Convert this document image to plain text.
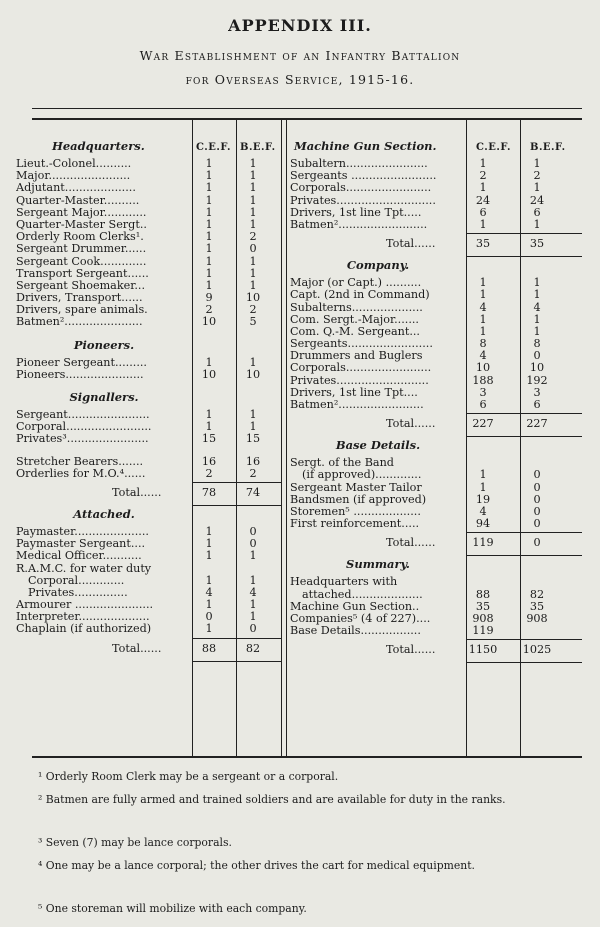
APPENDIX III.
War Establishment of an Infantry Battalion
for Overseas Service, 1915-16.
C.E.F. B.E.F.	C.E.F. B.E.F.
Headquarters.
Lieut.-Colonel..........	1	1
Major.......................	1	1
Adjutant....................	1	1
Quarter-Master..........	1	1
Sergeant Major............	1	1
Quarter-Master Sergt..	1	1
Orderly Room Clerks¹.	1	2
Sergeant Drummer......	1	0
Sergeant Cook.............	1	1
Transport Sergeant......	1	1
Sergeant Shoemaker...	1	1
Drivers, Transport......	9	10
Drivers, spare animals.	2	2
Batmen²......................	10	5
Pioneers.
Pioneer Sergeant.........	1	1
Pioneers......................	10	10
Signallers.
Sergeant.......................	1	1
Corporal........................	1	1
Privates³.......................	15	15
Stretcher Bearers.......	16	16
Orderlies for M.O.⁴......	2	2
Total......	78	74
Attached.
Paymaster.....................	1	0
Paymaster Sergeant....	1	0
Medical Officer...........	1	1
R.A.M.C. for water duty
Corporal.............	1	1
Privates...............	4	4
Armourer ......................	1	1
Interpreter....................	0	1
Chaplain (if authorized)	1	0
Total......	88	82
Machine Gun Section.
Subaltern.......................	1	1
Sergeants ........................	2	2
Corporals........................	1	1
Privates............................	24	24
Drivers, 1st line Tpt.....	6	6
Batmen².........................	1	1
Total......	35	35
Company.
Major (or Capt.) ..........	1	1
Capt. (2nd in Command)	1	1
Subalterns....................	4	4
Com. Sergt.-Major.......	1	1
Com. Q.-M. Sergeant...	1	1
Sergeants........................	8	8
Drummers and Buglers	4	0
Corporals........................	10	10
Privates..........................	188	192
Drivers, 1st line Tpt....	3	3
Batmen²........................	6	6
Total......	227	227
Base Details.
Sergt. of the Band
(if approved).............	1	0
Sergeant Master Tailor	1	0
Bandsmen (if approved)	19	0
Storemen⁵ ...................	4	0
First reinforcement.....	94	0
Total......	119	0
Summary.
Headquarters with
attached....................	88	82
Machine Gun Section..	35	35
Companies⁵ (4 of 227)....	908	908
Base Details.................	119
Total......	1150 1025
¹ Orderly Room Clerk may be a sergeant or a corporal.
² Batmen are fully armed and trained soldiers and are available for duty in the ranks.
³ Seven (7) may be lance corporals.
⁴ One may be a lance corporal; the other drives the cart for medical equipment.
⁵ One storeman will mobilize with each company.
